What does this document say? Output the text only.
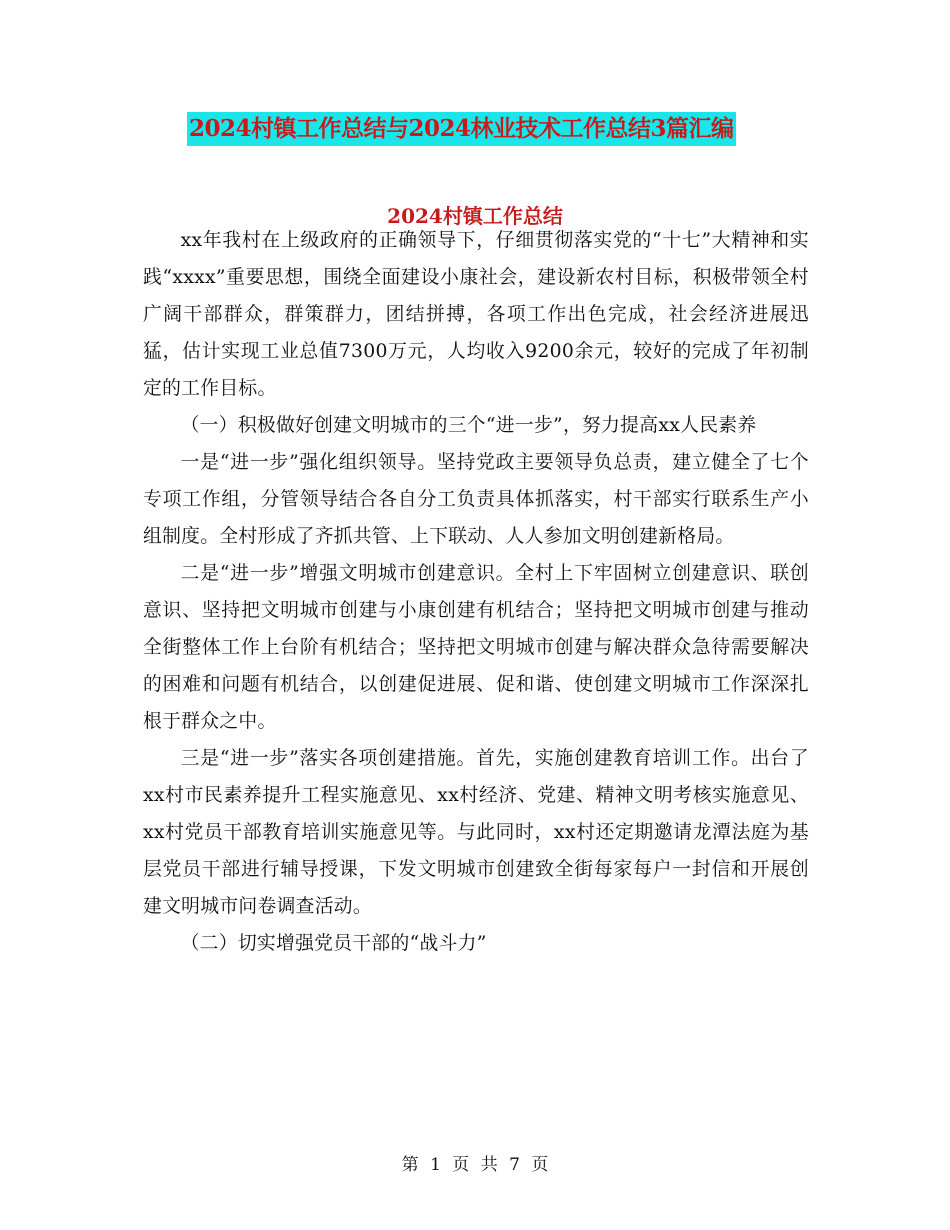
2024村镇工作总结与2024林业技术工作总结3篇汇编
2024村镇工作总结

xx年我村在上级政府的正确领导下，仔细贯彻落实党的“十七”大精神和实践“xxxx”重要思想，围绕全面建设小康社会，建设新农村目标，积极带领全村广阔干部群众，群策群力，团结拼搏，各项工作出色完成，社会经济进展迅猛，估计实现工业总值7300万元，人均收入9200余元，较好的完成了年初制定的工作目标。

（一）积极做好创建文明城市的三个“进一步”，努力提高xx人民素养

一是“进一步”强化组织领导。坚持党政主要领导负总责，建立健全了七个专项工作组，分管领导结合各自分工负责具体抓落实，村干部实行联系生产小组制度。全村形成了齐抓共管、上下联动、人人参加文明创建新格局。

二是“进一步”增强文明城市创建意识。全村上下牢固树立创建意识、联创意识、坚持把文明城市创建与小康创建有机结合；坚持把文明城市创建与推动全街整体工作上台阶有机结合；坚持把文明城市创建与解决群众急待需要解决的困难和问题有机结合，以创建促进展、促和谐、使创建文明城市工作深深扎根于群众之中。

三是“进一步”落实各项创建措施。首先，实施创建教育培训工作。出台了xx村市民素养提升工程实施意见、xx村经济、党建、精神文明考核实施意见、xx村党员干部教育培训实施意见等。与此同时，xx村还定期邀请龙潭法庭为基层党员干部进行辅导授课，下发文明城市创建致全街每家每户一封信和开展创建文明城市问卷调查活动。

（二）切实增强党员干部的“战斗力”

第 1 页 共 7 页
